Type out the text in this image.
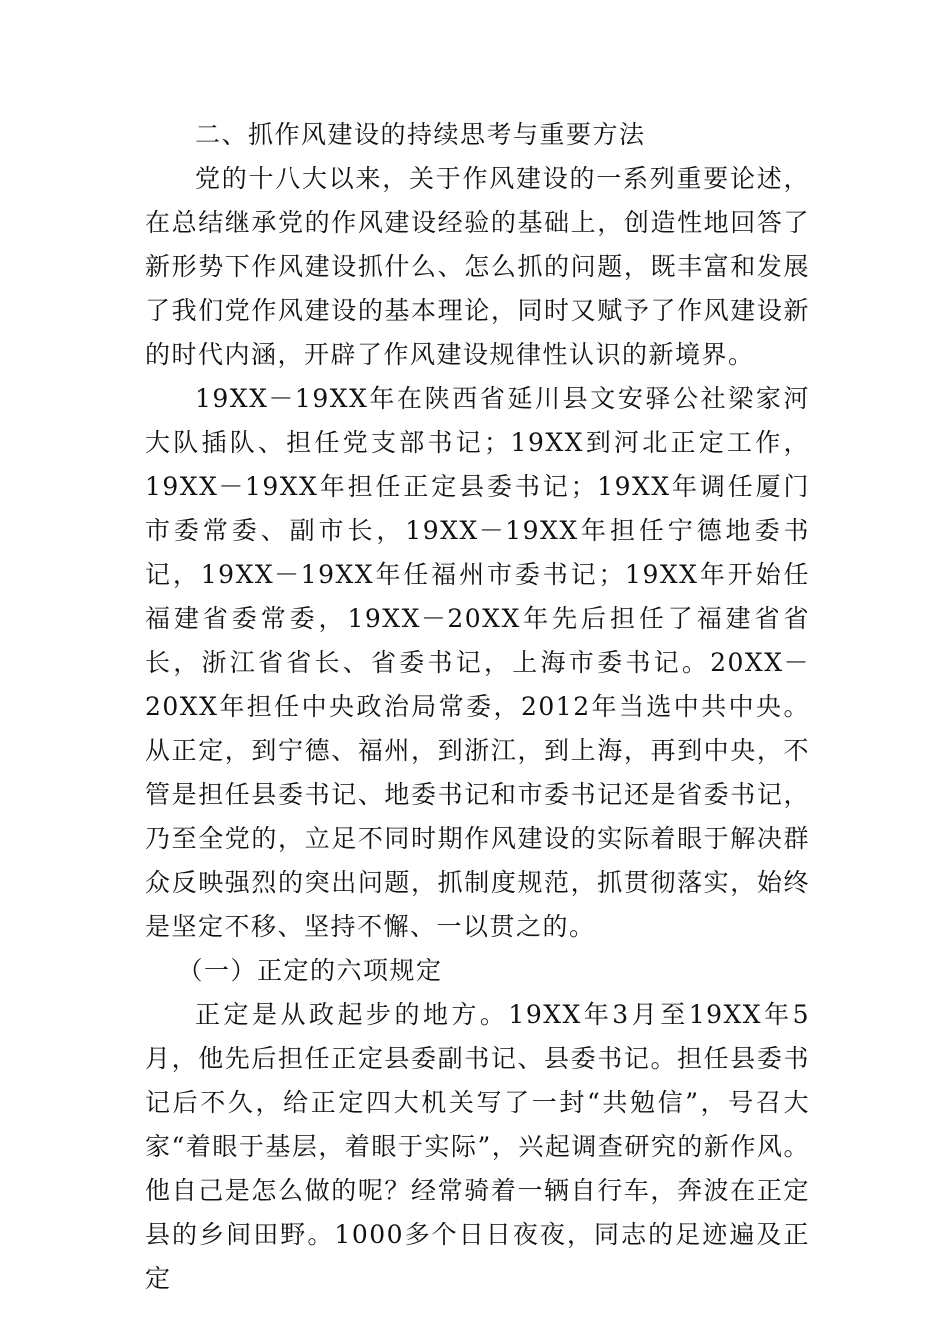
二、抓作风建设的持续思考与重要方法

党的十八大以来，关于作风建设的一系列重要论述，在总结继承党的作风建设经验的基础上，创造性地回答了新形势下作风建设抓什么、怎么抓的问题，既丰富和发展了我们党作风建设的基本理论，同时又赋予了作风建设新的时代内涵，开辟了作风建设规律性认识的新境界。

19XX－19XX年在陕西省延川县文安驿公社梁家河大队插队、担任党支部书记；19XX到河北正定工作，19XX－19XX年担任正定县委书记；19XX年调任厦门市委常委、副市长，19XX－19XX年担任宁德地委书记，19XX－19XX年任福州市委书记；19XX年开始任福建省委常委，19XX－20XX年先后担任了福建省省长，浙江省省长、省委书记，上海市委书记。20XX－20XX年担任中央政治局常委，2012年当选中共中央。从正定，到宁德、福州，到浙江，到上海，再到中央，不管是担任县委书记、地委书记和市委书记还是省委书记，乃至全党的，立足不同时期作风建设的实际着眼于解决群众反映强烈的突出问题，抓制度规范，抓贯彻落实，始终是坚定不移、坚持不懈、一以贯之的。

（一）正定的六项规定

正定是从政起步的地方。19XX年3月至19XX年5月，他先后担任正定县委副书记、县委书记。担任县委书记后不久，给正定四大机关写了一封“共勉信”，号召大家“着眼于基层，着眼于实际”，兴起调查研究的新作风。他自己是怎么做的呢？经常骑着一辆自行车，奔波在正定县的乡间田野。1000多个日日夜夜，同志的足迹遍及正定
